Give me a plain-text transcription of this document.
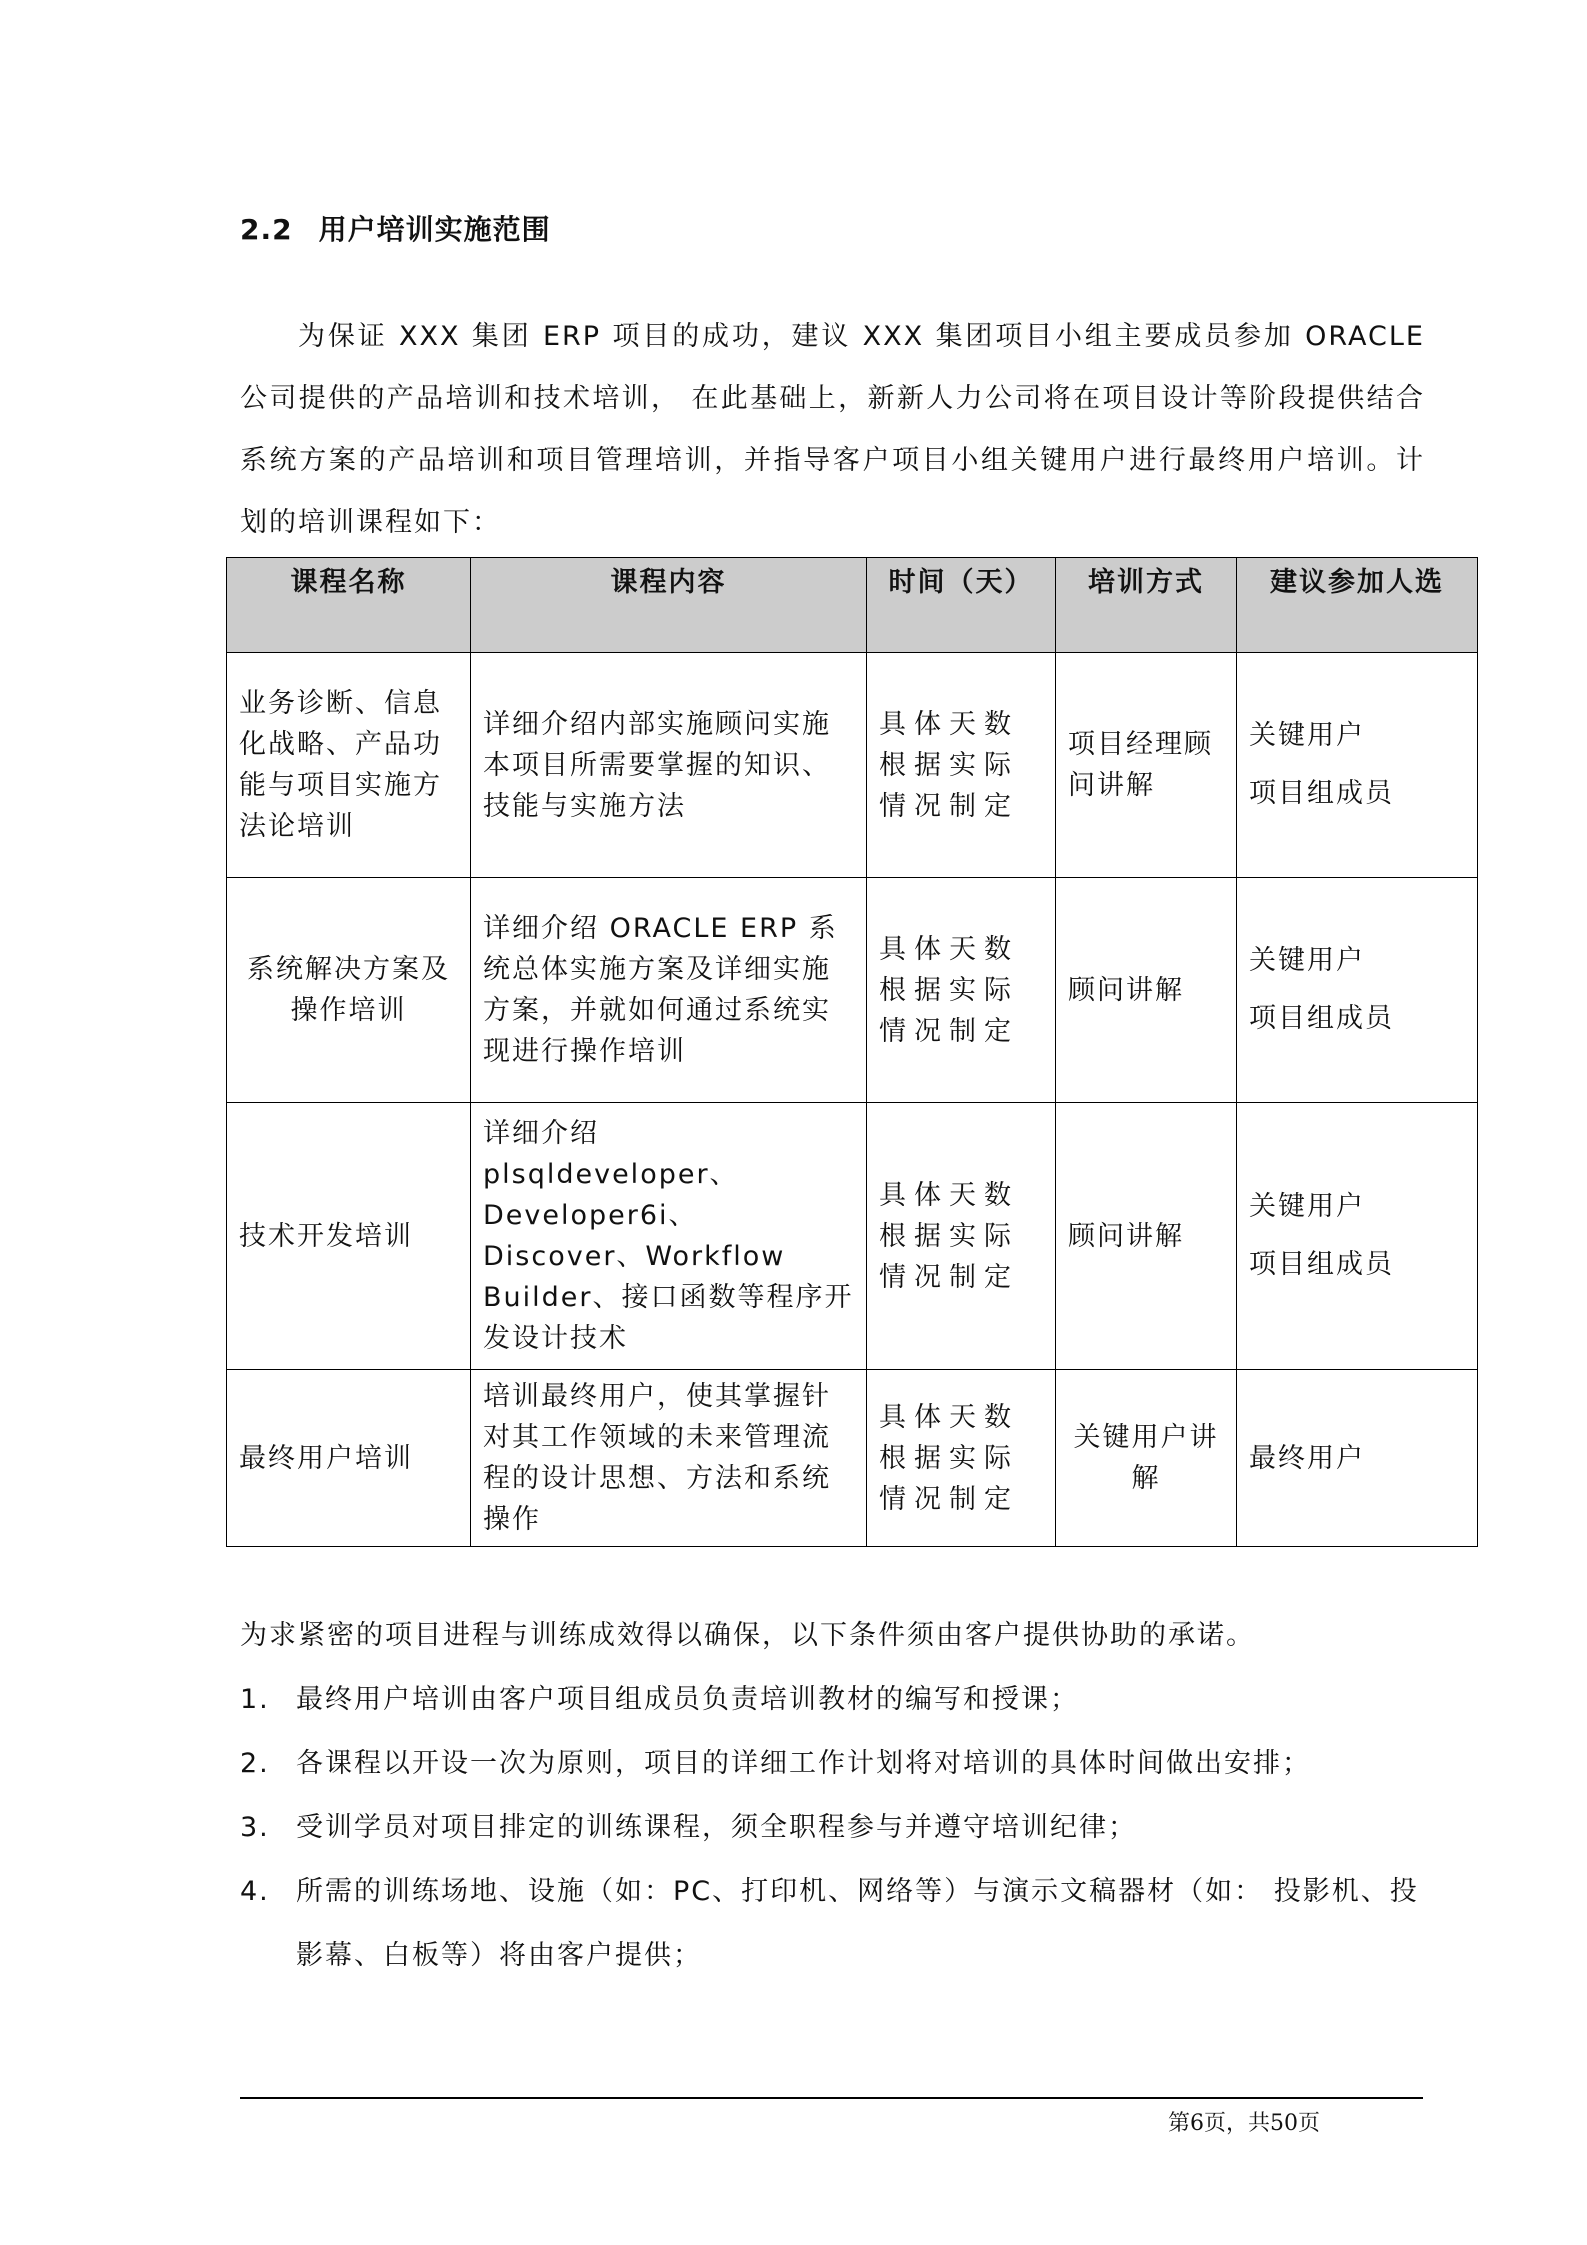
2.2 用户培训实施范围

为保证 XXX 集团 ERP 项目的成功，建议 XXX 集团项目小组主要成员参加 ORACLE 公司提供的产品培训和技术培训， 在此基础上，新新人力公司将在项目设计等阶段提供结合系统方案的产品培训和项目管理培训，并指导客户项目小组关键用户进行最终用户培训。计划的培训课程如下：

课程名称	课程内容	时间（天）	培训方式	建议参加人选
业务诊断、信息化战略、产品功能与项目实施方法论培训	详细介绍内部实施顾问实施本项目所需要掌握的知识、技能与实施方法	具体天数根据实际情况制定	项目经理顾问讲解	关键用户
项目组成员

系统解决方案及操作培训	详细介绍 ORACLE ERP 系统总体实施方案及详细实施方案，并就如何通过系统实现进行操作培训	具体天数根据实际情况制定	顾问讲解	关键用户
项目组成员

技术开发培训	详细介绍 plsqldeveloper、Developer6i、Discover、Workflow Builder、接口函数等程序开发设计技术	具体天数根据实际情况制定	顾问讲解	关键用户
项目组成员

最终用户培训	培训最终用户，使其掌握针对其工作领域的未来管理流程的设计思想、方法和系统操作	具体天数根据实际情况制定	关键用户讲解	最终用户

为求紧密的项目进程与训练成效得以确保，以下条件须由客户提供协助的承诺。

1. 最终用户培训由客户项目组成员负责培训教材的编写和授课；
2. 各课程以开设一次为原则，项目的详细工作计划将对培训的具体时间做出安排；
3. 受训学员对项目排定的训练课程，须全职程参与并遵守培训纪律；
4. 所需的训练场地、设施（如：PC、打印机、网络等）与演示文稿器材（如： 投影机、投影幕、白板等）将由客户提供；
第6页，共50页
